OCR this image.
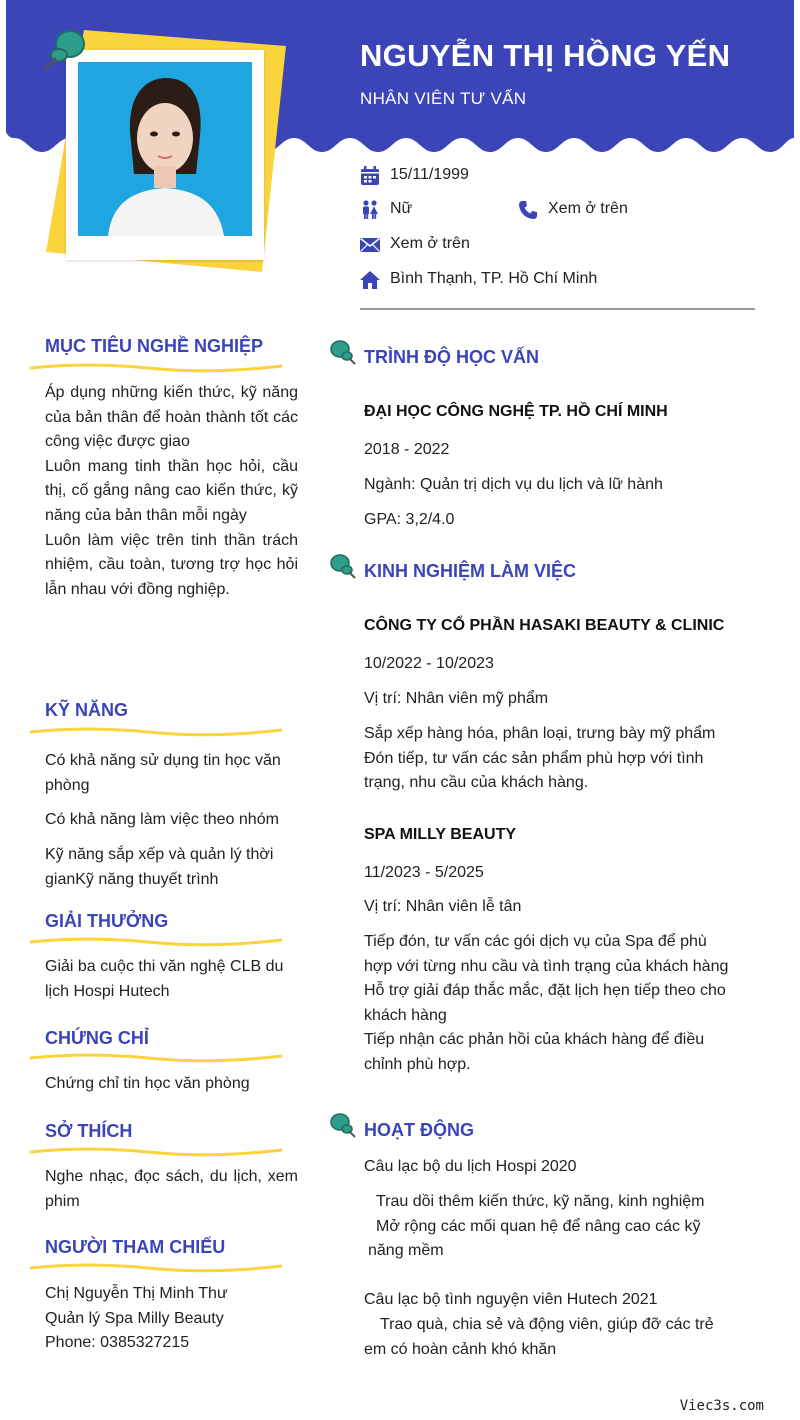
NGUYỄN THỊ HỒNG YẾN
NHÂN VIÊN TƯ VẤN
15/11/1999
Nữ	Xem ở trên
Xem ở trên
Bình Thạnh, TP. Hồ Chí Minh
MỤC TIÊU NGHỀ NGHIỆP
Áp dụng những kiến thức, kỹ năng của bản thân để hoàn thành tốt các công việc được giao
Luôn mang tinh thần học hỏi, cầu thị, cố gắng nâng cao kiến thức, kỹ năng của bản thân mỗi ngày
Luôn làm việc trên tinh thần trách nhiệm, cầu toàn, tương trợ học hỏi lẫn nhau với đồng nghiệp.
KỸ NĂNG
Có khả năng sử dụng tin học văn phòng
Có khả năng làm việc theo nhóm
Kỹ năng sắp xếp và quản lý thời gianKỹ năng thuyết trình
GIẢI THƯỞNG
Giải ba cuộc thi văn nghệ CLB du lịch Hospi Hutech
CHỨNG CHỈ
Chứng chỉ tin học văn phòng
SỞ THÍCH
Nghe nhạc, đọc sách, du lịch, xem phim
NGƯỜI THAM CHIẾU
Chị Nguyễn Thị Minh Thư
Quản lý Spa Milly Beauty
Phone: 0385327215
TRÌNH ĐỘ HỌC VẤN
ĐẠI HỌC CÔNG NGHỆ TP. HỒ CHÍ MINH
2018 - 2022
Ngành: Quản trị dịch vụ du lịch và lữ hành
GPA: 3,2/4.0
KINH NGHIỆM LÀM VIỆC
CÔNG TY CỔ PHẦN HASAKI BEAUTY & CLINIC
10/2022 - 10/2023
Vị trí: Nhân viên mỹ phẩm
Sắp xếp hàng hóa, phân loại, trưng bày mỹ phẩm
Đón tiếp, tư vấn các sản phẩm phù hợp với tình trạng, nhu cầu của khách hàng.
SPA MILLY BEAUTY
11/2023 - 5/2025
Vị trí: Nhân viên lễ tân
Tiếp đón, tư vấn các gói dịch vụ của Spa để phù hợp với từng nhu cầu và tình trạng của khách hàng
Hỗ trợ giải đáp thắc mắc, đặt lịch hẹn tiếp theo cho khách hàng
Tiếp nhận các phản hồi của khách hàng để điều chỉnh phù hợp.
HOẠT ĐỘNG
Câu lạc bộ du lịch Hospi 2020
Trau dồi thêm kiến thức, kỹ năng, kinh nghiệm
Mở rộng các mối quan hệ để nâng cao các kỹ năng mềm
Câu lạc bộ tình nguyện viên Hutech 2021
Trao quà, chia sẻ và động viên, giúp đỡ các trẻ em có hoàn cảnh khó khăn
Viec3s.com
